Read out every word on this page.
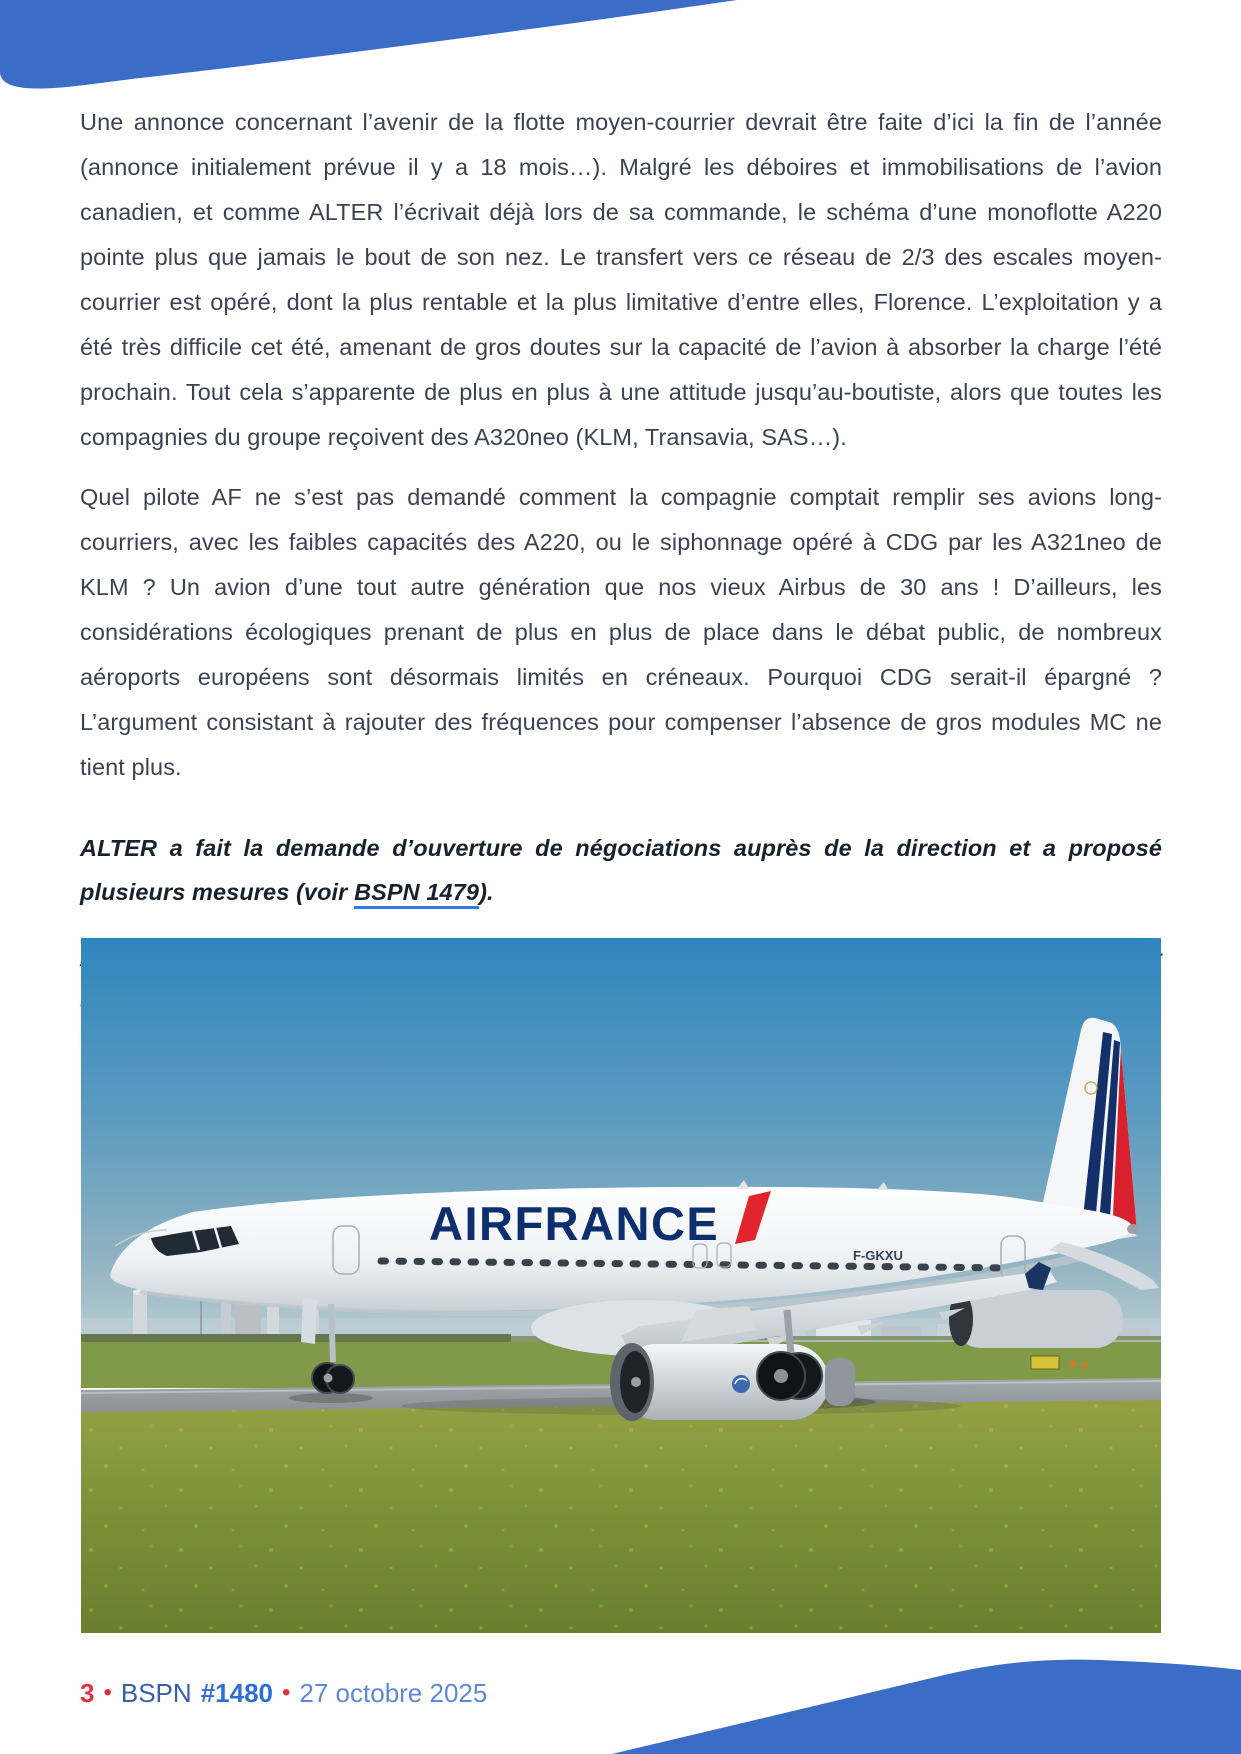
Une annonce concernant l’avenir de la flotte moyen-courrier devrait être faite d’ici la fin de l’année (annonce initialement prévue il y a 18 mois…). Malgré les déboires et immobilisations de l’avion canadien, et comme ALTER l’écrivait déjà lors de sa commande, le schéma d’une monoflotte A220 pointe plus que jamais le bout de son nez. Le transfert vers ce réseau de 2/3 des escales moyen-courrier est opéré, dont la plus rentable et la plus limitative d’entre elles, Florence. L’exploitation y a été très difficile cet été, amenant de gros doutes sur la capacité de l’avion à absorber la charge l’été prochain. Tout cela s’apparente de plus en plus à une attitude jusqu’au-boutiste, alors que toutes les compagnies du groupe reçoivent des A320neo (KLM, Transavia, SAS…).

Quel pilote AF ne s’est pas demandé comment la compagnie comptait remplir ses avions long-courriers, avec les faibles capacités des A220, ou le siphonnage opéré à CDG par les A321neo de KLM ? Un avion d’une tout autre génération que nos vieux Airbus de 30 ans ! D’ailleurs, les considérations écologiques prenant de plus en plus de place dans le débat public, de nombreux aéroports européens sont désormais limités en créneaux. Pourquoi CDG serait-il épargné ? L’argument consistant à rajouter des fréquences pour compenser l’absence de gros modules MC ne tient plus.

ALTER a fait la demande d’ouverture de négociations auprès de la direction et a proposé plusieurs mesures (voir BSPN 1479).

AIRFRANCE
F-GKXU
3 • BSPN #1480 • 27 octobre 2025
